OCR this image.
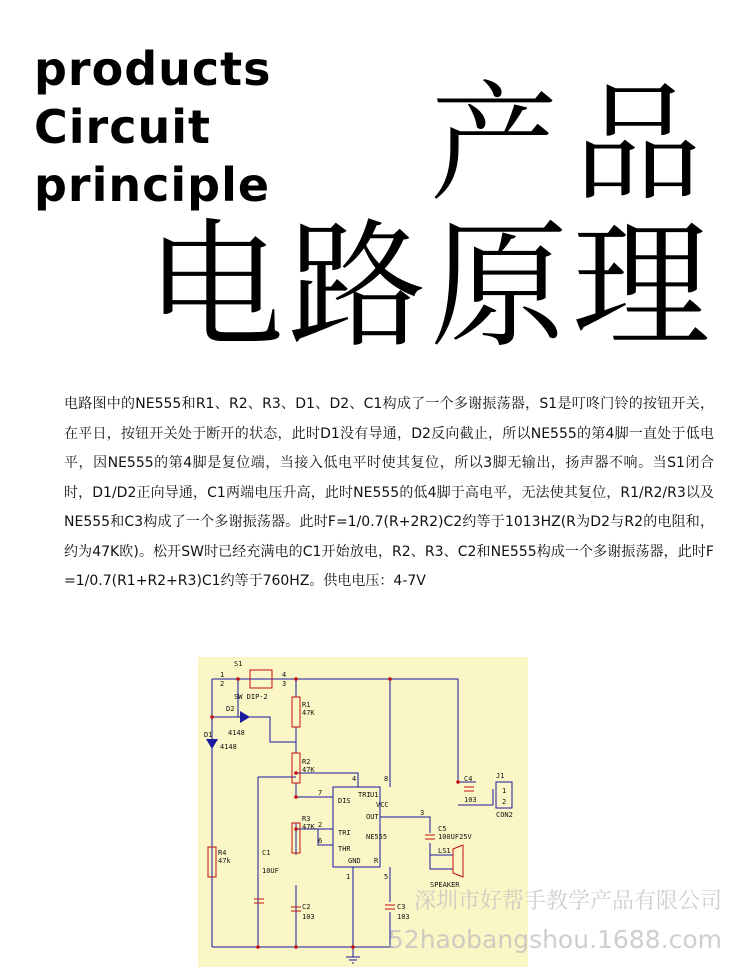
products
Circuit
principle 产品
电路原理

电路图中的NE555和R1、R2、R3、D1、D2、C1构成了一个多谢振荡器，S1是叮咚门铃的按钮开关，在平日，按钮开关处于断开的状态，此时D1没有导通，D2反向截止，所以NE555的第4脚一直处于低电平，因NE555的第4脚是复位端，当接入低电平时使其复位，所以3脚无输出，扬声器不响。当S1闭合时，D1/D2正向导通，C1两端电压升高，此时NE555的低4脚于高电平，无法使其复位，R1/R2/R3以及NE555和C3构成了一个多谢振荡器。此时F=1/0.7(R+2R2)C2约等于1013HZ(R为D2与R2的电阻和，约为47K欧)。松开SW时已经充满电的C1开始放电，R2、R3、C2和NE555构成一个多谢振荡器，此时F=1/0.7(R1+R2+R3)C1约等于760HZ。供电电压：4-7V

S1
SW DIP-2
1
2	3
4
D2
4148
D1
4148
R1
47K
R2
47K
R3
47K
R4
47k
C1
10UF
C2
103
C3
103
C4
103
C5
100UF25V
U1
NE555
DIS
TRI
THR
GND
TRI
VCC
OUT
R
4
7
8
3
2
6
1	5
LS1
SPEAKER
J1
1
2
CON2
深圳市好帮手教学产品有限公司
52haobangshou.1688.com
